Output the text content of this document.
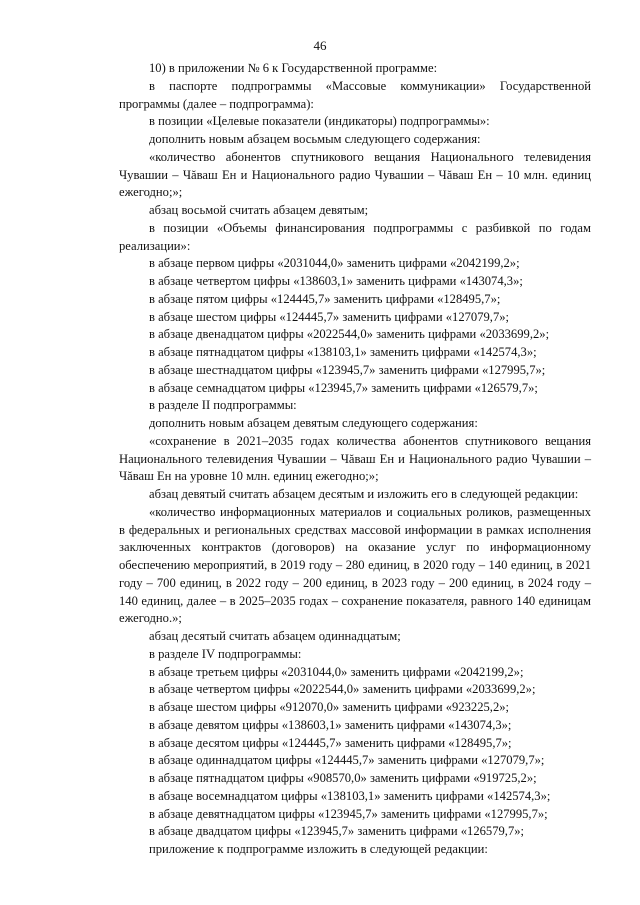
46

10) в приложении № 6 к Государственной программе:

в паспорте подпрограммы «Массовые коммуникации» Государственной программы (далее – подпрограмма):

в позиции «Целевые показатели (индикаторы) подпрограммы»:

дополнить новым абзацем восьмым следующего содержания:

«количество абонентов спутникового вещания Национального телевидения Чувашии – Чăваш Ен и Национального радио Чувашии – Чăваш Ен – 10 млн. единиц ежегодно;»;

абзац восьмой считать абзацем девятым;

в позиции «Объемы финансирования подпрограммы с разбивкой по годам реализации»:

в абзаце первом цифры «2031044,0» заменить цифрами «2042199,2»;

в абзаце четвертом цифры «138603,1» заменить цифрами «143074,3»;

в абзаце пятом цифры «124445,7» заменить цифрами «128495,7»;

в абзаце шестом цифры «124445,7» заменить цифрами «127079,7»;

в абзаце двенадцатом цифры «2022544,0» заменить цифрами «2033699,2»;

в абзаце пятнадцатом цифры «138103,1» заменить цифрами «142574,3»;

в абзаце шестнадцатом цифры «123945,7» заменить цифрами «127995,7»;

в абзаце семнадцатом цифры «123945,7» заменить цифрами «126579,7»;

в разделе II подпрограммы:

дополнить новым абзацем девятым следующего содержания:

«сохранение в 2021–2035 годах количества абонентов спутникового вещания Национального телевидения Чувашии – Чăваш Ен и Национального радио Чувашии – Чăваш Ен на уровне 10 млн. единиц ежегодно;»;

абзац девятый считать абзацем десятым и изложить его в следующей редакции:

«количество информационных материалов и социальных роликов, размещенных в федеральных и региональных средствах массовой информации в рамках исполнения заключенных контрактов (договоров) на оказание услуг по информационному обеспечению мероприятий, в 2019 году – 280 единиц, в 2020 году – 140 единиц, в 2021 году – 700 единиц, в 2022 году – 200 единиц, в 2023 году – 200 единиц, в 2024 году – 140 единиц, далее – в 2025–2035 годах – сохранение показателя, равного 140 единицам ежегодно.»;

абзац десятый считать абзацем одиннадцатым;

в разделе IV подпрограммы:

в абзаце третьем цифры «2031044,0» заменить цифрами «2042199,2»;

в абзаце четвертом цифры «2022544,0» заменить цифрами «2033699,2»;

в абзаце шестом цифры «912070,0» заменить цифрами «923225,2»;

в абзаце девятом цифры «138603,1» заменить цифрами «143074,3»;

в абзаце десятом цифры «124445,7» заменить цифрами «128495,7»;

в абзаце одиннадцатом цифры «124445,7» заменить цифрами «127079,7»;

в абзаце пятнадцатом цифры «908570,0» заменить цифрами «919725,2»;

в абзаце восемнадцатом цифры «138103,1» заменить цифрами «142574,3»;

в абзаце девятнадцатом цифры «123945,7» заменить цифрами «127995,7»;

в абзаце двадцатом цифры «123945,7» заменить цифрами «126579,7»;

приложение к подпрограмме изложить в следующей редакции:
